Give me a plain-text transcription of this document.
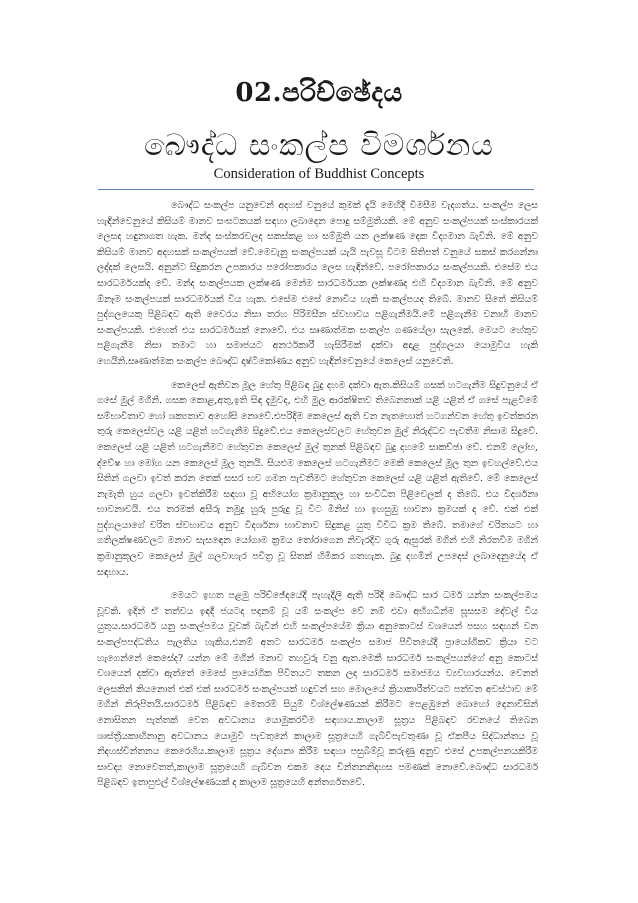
02.පරිච්ඡේදය
බෞද්ධ සංකල්ප විමර්ශනය
Consideration of Buddhist Concepts

බෞද්ධ සංකල්ප යනුවෙන් අදහස් වනුයේ කුමක් දැයි මෙහිදී විමසීම වැදගත්ය. සංකල්ප ලෙස හැඳින්වෙනුයේ කිසියම් මානව සංඝටකයක් සඳහා ලබාදෙන පොදු සම්මුතියකි. මේ අනුව සංකල්පයක් සංස්කාරයක් ලෙසද හඳුනාගත හැක. මන්ද සංස්කරවලද සකස්කළ හා සම්මුති යන ලක්ෂණ දෙක විද්‍යමාන බැවිනි. මේ අනුව කිසියම් මානව අදහසක් සංකල්පයක් වේ.මෙවැනු සංකල්පයක් යැයි පැවසූ විටම සිතිපත් වනුයේ සකස් කරගන්නා ලද්දක් ලෙසයි. අනුන්ට සිදුකරන උපකාරය පරෝපකාරය ලෙස හැඳින්වේ. පරෝපකාරය සංකල්පයකි. එසේම එය සාරධර්මයක්ද වේ. මන්ද සංකල්පයක ලක්ෂණ මෙන්ම සාරධර්මයක ලක්ෂණද එහි විද්‍යමාන බැවිනි. මේ අනුව ඕනෑම සංකල්පයක් සාරධර්මයක් විය හැක. එසේම එසේ නොවිය හැකි සංකල්පයද තිබේ. මානව සිතේ කිසියම් පුද්ගලයෙකු පිළිබඳව ඇති වෛරය නිසා තරහ පිරිමසීන ස්වභාවය පළිගැනීමයි.මේ පළිගැනීම වනාහි මානව සංකල්පයකි. එහෙත් එය සාරධර්මයක් නොවේ. එය සෘණාත්මක සංකල්ප ගණයේලා සැලකේ. මෙයට හේතුව පළිගැනීම නිසා තමාට හා සමාජයට අනර්ථකාරී හැසිරීමක් දක්වා අදාළ පුද්ගලයා යොමුවිය හැකි හෙයිනි.සෘණාත්මක සංකල්ප බෞද්ධ දෘෂ්ටිකෝණය අනුව හැඳින්වෙනුයේ කෙලෙස් යනුවෙනි.

කෙලෙස් ඇතිවන මූල හේතු පිළිබඳ බුදු දහම දක්වා ඇත.කිසියම් ගසක් හටගැනීම සිදුවනුයේ ඒ ගසේ මුල් මගිනි. ගසක කොළ,අතු,ඉති සිඳ දැමුවද, එහි මුල ආරක්ෂිතව තිබෙනතාක් යළි යළිත් ඒ ගසේ පැළවීමේ සම්භාවිතාව හෝ ශක්‍යතාව අහෝසි නොවේ.එපරිදිම කෙලෙස් ඇති වන නැතහොත් හටගන්වන හේතු ඉවත්කරන තුරු කෙලෙස්වල යළි යළිත් හටගැනීම සිදුවේ.එය කෙලෙස්වලට හේතුවන මුල් නිරුද්ධව පැවතීම නිසාම සිදුවේ. කෙලෙස් යළි යළිත් හටගැනීමට හේතුවන කෙලෙස් මුල් තුනක් පිළිබඳව බුදු දහමේ සාකච්ඡා වේ. එනම් ලෝභ, ද්වේෂ හා මෝහ යන කෙලෙස් මූල තුනයි. සියළුම කෙලෙස් හටගැනීමට මෙකී කෙලෙස් මූල තුන ඉවහල්වේ.එය සිතින් ගලවා ඉවත් කරන තෙක් සසර භව ගමන පැවතීමට හේතුවන කෙලෙස් යළි යළිත් ඇතිවේ. මේ කෙලෙස් නැමැති හුය ගලවා ඉවත්කිරීම සඳහා වූ අභියෝග ක්‍රමානුකූල හා සංවිධිත පිළිවෙලක් ද තිබේ. එය විදර්ශනා භාවනාවයි. එය තරමක් අසීරු නමුදු හුරු පුරුදු වූ විට මිනිස් හා ඉහසුඹු භාවනා ක්‍රමයක් ද වේ. එක් එක් පුද්ගලයාගේ චරිත ස්වභාවය අනුව විදර්ශනා භාවනාව සිදුකළ යුතු විවිධ ක්‍රම තිබේ. තමාගේ චරිතයට හා ගතිලක්ෂණවලට මනාව සැසඳෙන යෝගාම ක්‍රමය තෝරාගෙන නිවැරදිව ගුරු ඇසුරක් මගින් එහි නිරතවීම මගින් ක්‍රමානුකූලව කෙලෙස් මුල් ගලවාහැර පවිත්‍ර වූ සිතක් හිමිකර ගතහැක. බුදු දහමින් උපදෙස් ලබාදෙනුයේද ඒ සඳහාය.

මෙයට ඉහත පළමු පරිච්ඡේදයේදී පැහැදිලි ඇති පරිදි බෞද්ධ සාර ධර්ම යන්න සංකල්පමය වූවකි. ඉදින් ඒ තත්වය ඉඳදී ජයටද පදනම් වූ යම් සංකල්ප වේ නම් එවා අභිගධින්ම සූසසම දේවල් විය යුතුය.සාරධර්ම යනු සංකල්පමය වූවක් බැවින් එහි සංකල්පයේම ක්‍රියා අනුකොටස් වශයෙන් පසහ සඳහන් වන සංකල්පපද්ධතිය පැලතිය හැකිය.එනම් අතට සාරධර්ම සංකල්ප සමාජ පිවිතයේදී ප්‍රායෝගිකව ක්‍රියා වට හැගෙන්නේ කෙසේද? යන්න මේ මගින් මනාව තහවුරු වනු ඇත.මෙකී සාරධර්ම සංකල්පයන්ගේ අනු කොටස් වශයෙන් දක්වා ඇත්තේ මෙසේ ප්‍රායෝගික පිවිතයට තකන ලද සාරධර්ම සමාජමය ව්‍යවහාරයන්ය. වෙනත් ලෙසකින් කියනොත් එක් එක් සාරධර්ම සංකල්පයක් හඳුවන් සහ මොලයේ ක්‍රියාකාරීත්වයට පත්වන අවස්ථාව මේ මගින් නිරූපිතයි.සාරධර්ම පිළිබඳව මෙතරම් සියුම් විශ්ලේෂණයක් කිරීමට පෙළඹුනේ බොහෝ දෙනාවිසින් නොසිතන පැත්තක් වෙත අවධානය යොමුකරවීම සඳහාය.කාලාම සූත්‍රය පිළිබඳව රචනයේ තිබෙන ශාස්ත්‍රීයකාඟිනානු අවධානය යොමුවී පැවතුනේ කාලාම සූත්‍රයෙහි ගැබ්වීපැවතුණා වූ ඒකපීය සිද්ධාන්තය වූ නිදහස්චින්තනය කෙරෙහිය.කාලාම සූත්‍රය දේශනා කිරීම සඳහා පසුබිම්වූ කරුණු අනුව එසේ උපකල්පනයකිරීම සාවද්‍ය නොවෙතත්,කාලාම සූත්‍රයෙහි ගැබ්වන එකම දෙය චින්තනනිදහස පමණක් නොවේ.බෞද්ධ සාරධර්ම පිළිබඳව ඉතාපුළුල් විශ්ලේෂණයක් ද කාලාම සූත්‍රයෙහි අන්තර්ගතවේ.
